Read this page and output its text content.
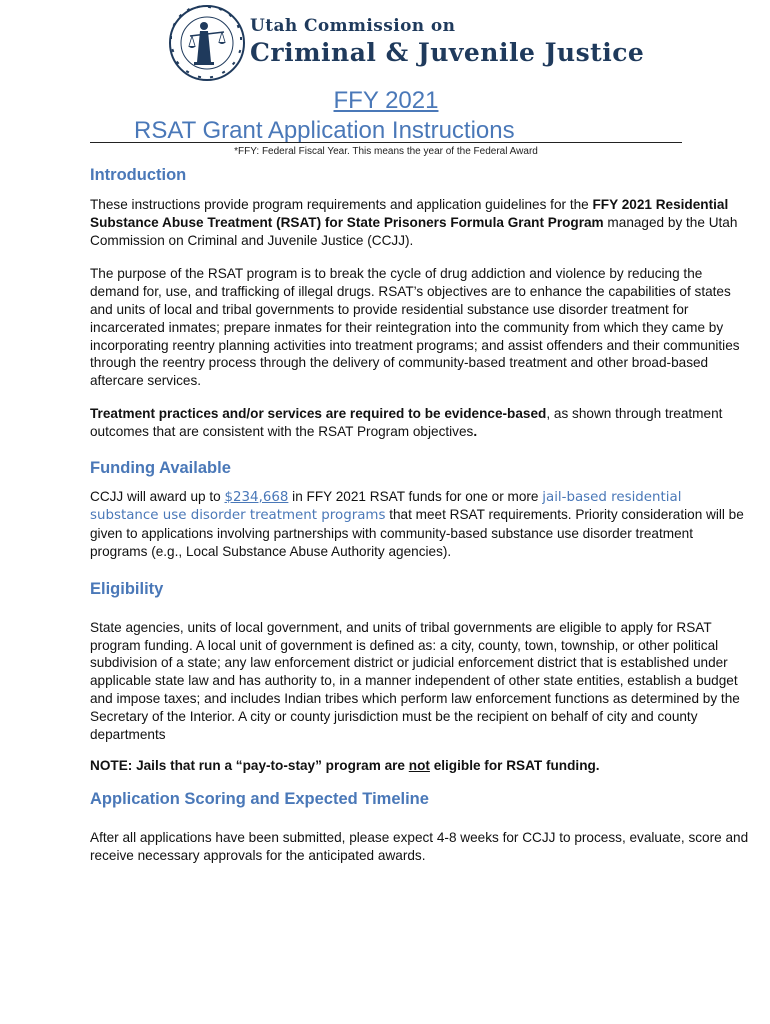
Utah Commission on
Criminal & Juvenile Justice
FFY 2021
RSAT Grant Application Instructions
*FFY: Federal Fiscal Year. This means the year of the Federal Award
Introduction

These instructions provide program requirements and application guidelines for the FFY 2021 Residential Substance Abuse Treatment (RSAT) for State Prisoners Formula Grant Program managed by the Utah Commission on Criminal and Juvenile Justice (CCJJ).

The purpose of the RSAT program is to break the cycle of drug addiction and violence by reducing the demand for, use, and trafficking of illegal drugs. RSAT’s objectives are to enhance the capabilities of states and units of local and tribal governments to provide residential substance use disorder treatment for incarcerated inmates; prepare inmates for their reintegration into the community from which they came by incorporating reentry planning activities into treatment programs; and assist offenders and their communities through the reentry process through the delivery of community-based treatment and other broad-based aftercare services.

Treatment practices and/or services are required to be evidence-based, as shown through treatment outcomes that are consistent with the RSAT Program objectives.

Funding Available

CCJJ will award up to $234,668 in FFY 2021 RSAT funds for one or more jail-based residential substance use disorder treatment programs that meet RSAT requirements. Priority consideration will be given to applications involving partnerships with community-based substance use disorder treatment programs (e.g., Local Substance Abuse Authority agencies).

Eligibility

State agencies, units of local government, and units of tribal governments are eligible to apply for RSAT program funding. A local unit of government is defined as: a city, county, town, township, or other political subdivision of a state; any law enforcement district or judicial enforcement district that is established under applicable state law and has authority to, in a manner independent of other state entities, establish a budget and impose taxes; and includes Indian tribes which perform law enforcement functions as determined by the Secretary of the Interior. A city or county jurisdiction must be the recipient on behalf of city and county departments

NOTE: Jails that run a “pay-to-stay” program are not eligible for RSAT funding.

Application Scoring and Expected Timeline

After all applications have been submitted, please expect 4-8 weeks for CCJJ to process, evaluate, score and receive necessary approvals for the anticipated awards.
